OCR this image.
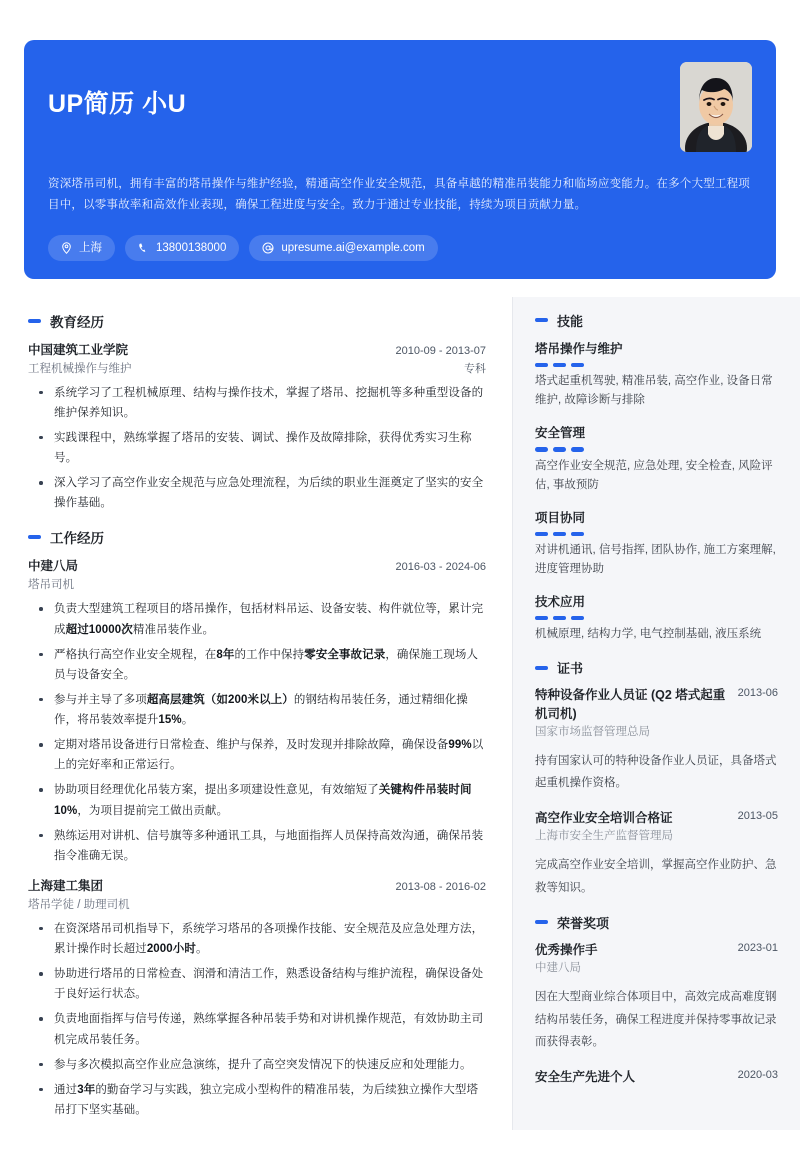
UP简历 小U
资深塔吊司机，拥有丰富的塔吊操作与维护经验，精通高空作业安全规范，具备卓越的精准吊装能力和临场应变能力。在多个大型工程项目中，以零事故率和高效作业表现，确保工程进度与安全。致力于通过专业技能，持续为项目贡献力量。
上海	13800138000	upresume.ai@example.com
教育经历
中国建筑工业学院	2010-09 - 2013-07
工程机械操作与维护	专科
系统学习了工程机械原理、结构与操作技术，掌握了塔吊、挖掘机等多种重型设备的维护保养知识。
实践课程中，熟练掌握了塔吊的安装、调试、操作及故障排除，获得优秀实习生称号。
深入学习了高空作业安全规范与应急处理流程，为后续的职业生涯奠定了坚实的安全操作基础。
工作经历
中建八局	2016-03 - 2024-06
塔吊司机
负责大型建筑工程项目的塔吊操作，包括材料吊运、设备安装、构件就位等，累计完成超过10000次精准吊装作业。
严格执行高空作业安全规程，在8年的工作中保持零安全事故记录，确保施工现场人员与设备安全。
参与并主导了多项超高层建筑（如200米以上）的钢结构吊装任务，通过精细化操作，将吊装效率提升15%。
定期对塔吊设备进行日常检查、维护与保养，及时发现并排除故障，确保设备99%以上的完好率和正常运行。
协助项目经理优化吊装方案，提出多项建设性意见，有效缩短了关键构件吊装时间10%，为项目提前完工做出贡献。
熟练运用对讲机、信号旗等多种通讯工具，与地面指挥人员保持高效沟通，确保吊装指令准确无误。
上海建工集团	2013-08 - 2016-02
塔吊学徒 / 助理司机
在资深塔吊司机指导下，系统学习塔吊的各项操作技能、安全规范及应急处理方法，累计操作时长超过2000小时。
协助进行塔吊的日常检查、润滑和清洁工作，熟悉设备结构与维护流程，确保设备处于良好运行状态。
负责地面指挥与信号传递，熟练掌握各种吊装手势和对讲机操作规范，有效协助主司机完成吊装任务。
参与多次模拟高空作业应急演练，提升了高空突发情况下的快速反应和处理能力。
通过3年的勤奋学习与实践，独立完成小型构件的精准吊装，为后续独立操作大型塔吊打下坚实基础。
技能
塔吊操作与维护
塔式起重机驾驶, 精准吊装, 高空作业, 设备日常维护, 故障诊断与排除
安全管理
高空作业安全规范, 应急处理, 安全检查, 风险评估, 事故预防
项目协同
对讲机通讯, 信号指挥, 团队协作, 施工方案理解, 进度管理协助
技术应用
机械原理, 结构力学, 电气控制基础, 液压系统
证书
特种设备作业人员证 (Q2 塔式起重机司机)
2013-06
国家市场监督管理总局
持有国家认可的特种设备作业人员证，具备塔式起重机操作资格。
高空作业安全培训合格证	2013-05
上海市安全生产监督管理局
完成高空作业安全培训，掌握高空作业防护、急救等知识。
荣誉奖项
优秀操作手	2023-01
中建八局
因在大型商业综合体项目中，高效完成高难度钢结构吊装任务，确保工程进度并保持零事故记录而获得表彰。
安全生产先进个人	2020-03
